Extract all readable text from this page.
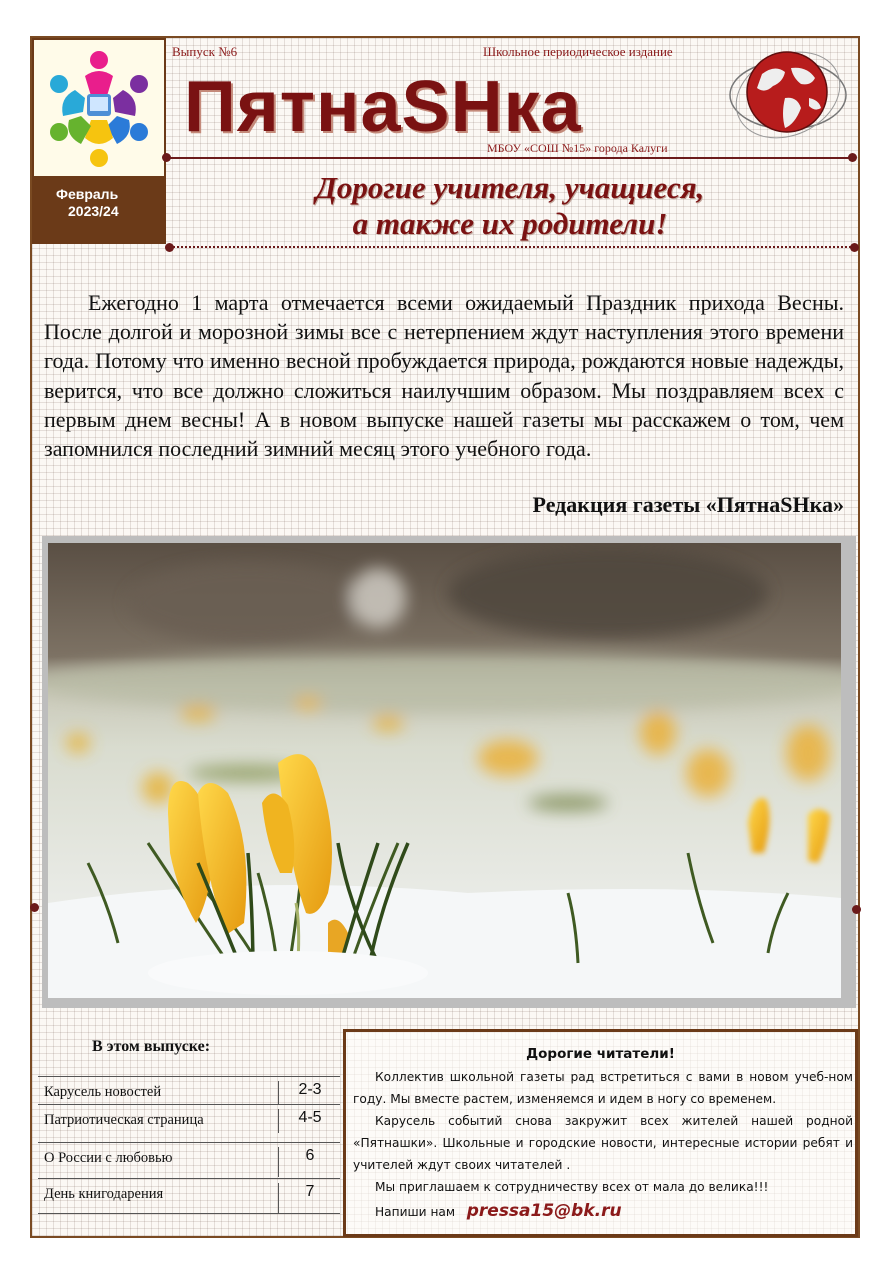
Февраль
2023/24
Выпуск №6	Школьное периодическое издание
ПятнаSHка
МБОУ «СОШ №15» города Калуги
Дорогие учителя, учащиеся,
а также их родители!
Ежегодно 1 марта отмечается всеми ожидаемый Праздник прихода Весны. После долгой и морозной зимы все с нетерпением ждут наступления этого времени года. Потому что именно весной пробуждается природа, рождаются новые надежды, верится, что все должно сложиться наилучшим образом. Мы поздравляем всех с первым днем весны! А в новом выпуске нашей газеты мы расскажем о том, чем запомнился последний зимний месяц этого учебного года.
Редакция газеты «ПятнаSHка»
В этом выпуске:
Карусель новостей	2-3
Патриотическая страница	4-5
О России с любовью	6
День книгодарения	7
Дорогие читатели!
Коллектив школьной газеты рад встретиться с вами в новом учеб-ном году. Мы вместе растем, изменяемся и идем в ногу со временем.
Карусель событий снова закружит всех жителей нашей родной «Пятнашки». Школьные и городские новости, интересные истории ребят и учителей ждут своих читателей .
Мы приглашаем к сотрудничеству всех от мала до велика!!!
Напиши нам pressa15@bk.ru
